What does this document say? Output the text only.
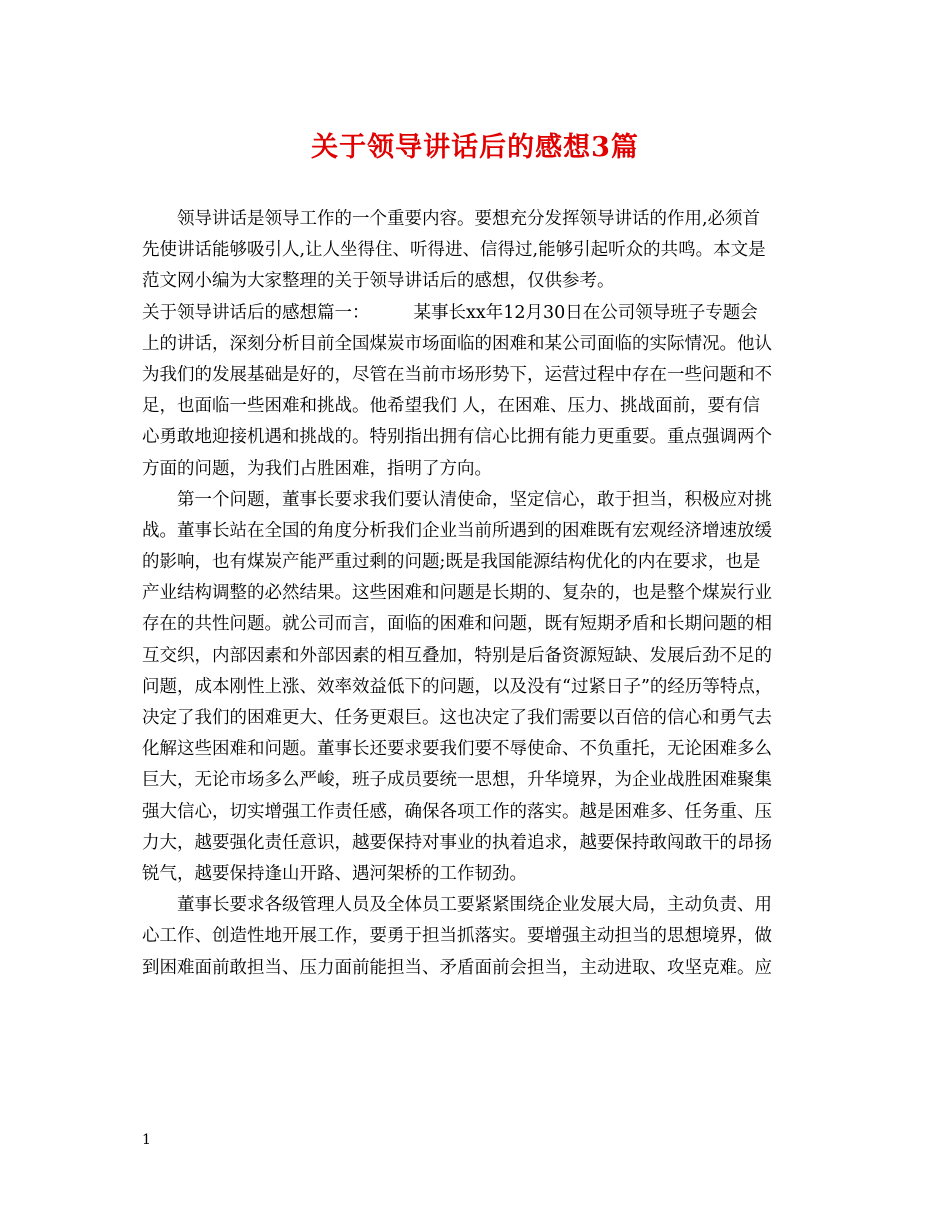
关于领导讲话后的感想3篇
领导讲话是领导工作的一个重要内容。要想充分发挥领导讲话的作用,必须首
先使讲话能够吸引人,让人坐得住、听得进、信得过,能够引起听众的共鸣。本文是
范文网小编为大家整理的关于领导讲话后的感想，仅供参考。
关于领导讲话后的感想篇一：	某事长xx年12月30日在公司领导班子专题会
上的讲话，深刻分析目前全国煤炭市场面临的困难和某公司面临的实际情况。他认
为我们的发展基础是好的，尽管在当前市场形势下，运营过程中存在一些问题和不
足，也面临一些困难和挑战。他希望我们 人，在困难、压力、挑战面前，要有信
心勇敢地迎接机遇和挑战的。特别指出拥有信心比拥有能力更重要。重点强调两个
方面的问题，为我们占胜困难，指明了方向。
第一个问题，董事长要求我们要认清使命，坚定信心，敢于担当，积极应对挑
战。董事长站在全国的角度分析我们企业当前所遇到的困难既有宏观经济增速放缓
的影响，也有煤炭产能严重过剩的问题;既是我国能源结构优化的内在要求，也是
产业结构调整的必然结果。这些困难和问题是长期的、复杂的，也是整个煤炭行业
存在的共性问题。就公司而言，面临的困难和问题，既有短期矛盾和长期问题的相
互交织，内部因素和外部因素的相互叠加，特别是后备资源短缺、发展后劲不足的
问题，成本刚性上涨、效率效益低下的问题，以及没有“过紧日子”的经历等特点，
决定了我们的困难更大、任务更艰巨。这也决定了我们需要以百倍的信心和勇气去
化解这些困难和问题。董事长还要求要我们要不辱使命、不负重托，无论困难多么
巨大，无论市场多么严峻，班子成员要统一思想，升华境界，为企业战胜困难聚集
强大信心，切实增强工作责任感，确保各项工作的落实。越是困难多、任务重、压
力大，越要强化责任意识，越要保持对事业的执着追求，越要保持敢闯敢干的昂扬
锐气，越要保持逢山开路、遇河架桥的工作韧劲。
董事长要求各级管理人员及全体员工要紧紧围绕企业发展大局，主动负责、用
心工作、创造性地开展工作，要勇于担当抓落实。要增强主动担当的思想境界，做
到困难面前敢担当、压力面前能担当、矛盾面前会担当，主动进取、攻坚克难。应
1
